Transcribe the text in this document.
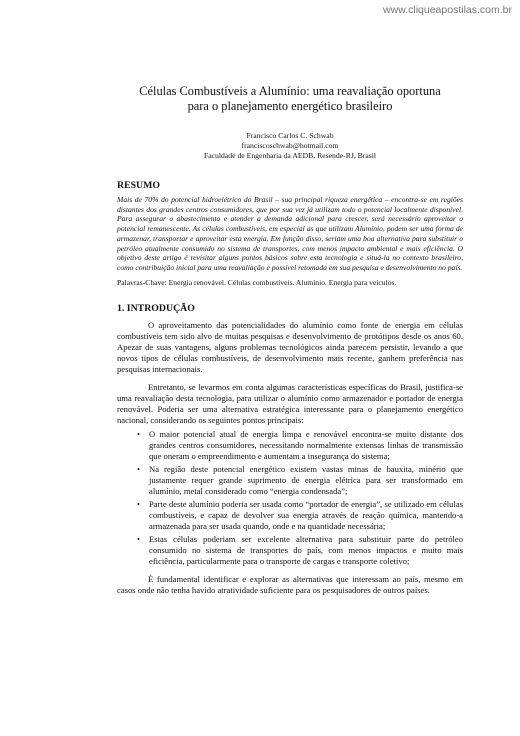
www.cliqueapostilas.com.br
Células Combustíveis a Alumínio: uma reavaliação oportuna
para o planejamento energético brasileiro
Francisco Carlos C. Schwab
franciscoschwab@hotmail.com
Faculdade de Engenharia da AEDB, Resende-RJ, Brasil
RESUMO
Mais de 70% do potencial hidroelétrico do Brasil – sua principal riqueza energética – encontra-se em regiões distantes dos grandes centros consumidores, que por sua vez já utilizam todo o potencial localmente disponível. Para assegurar o abastecimento e atender a demanda adicional para crescer, será necessário aproveitar o potencial remanescente. As células combustíveis, em especial as que utilizam Alumínio, podem ser uma forma de armazenar, transportar e aproveitar esta energia. Em função disso, seriam uma boa alternativa para substituir o petróleo atualmente consumido no sistema de transportes, com menos impacto ambiental e mais eficiência. O objetivo deste artigo é revisitar alguns pontos básicos sobre esta tecnologia e situá-la no contexto brasileiro, como contribuição inicial para uma reavaliação e possível retomada em sua pesquisa e desenvolvimento no país.
Palavras-Chave: Energia renovável. Células combustíveis. Alumínio. Energia para veículos.
1. INTRODUÇÃO

O aproveitamento das potencialidades do alumínio como fonte de energia em células combustíveis tem sido alvo de muitas pesquisas e desenvolvimento de protótipos desde os anos 60. Apezar de suas vantagens, alguns problemas tecnológicos ainda parecem persistir, levando a que novos tipos de células combustíveis, de desenvolvimento mais recente, ganhem preferência nas pesquisas internacionais.

Entretanto, se levarmos em conta algumas características específicas do Brasil, justifica-se uma reavaliação desta tecnologia, para utilizar o alumínio como armazenador e portador de energia renovável. Poderia ser uma alternativa estratégica interessante para o planejamento energético nacional, considerando os seguintes pontos principais:

• O maior potencial atual de energia limpa e renovável encontra-se muito distante dos grandes centros consumidores, necessitando normalmente extensas linhas de transmissão que oneram o empreendimento e aumentam a insegurança do sistema;
• Na região deste potencial energético existem vastas minas de bauxita, minério que justamente requer grande suprimento de energia elétrica para ser transformado em alumínio, metal considerado como “energia condensada”;
• Parte deste alumínio poderia ser usada como “portador de energia”, se utilizado em células combustíveis, e capaz de devolver sua energia através de reação química, mantendo-a armazenada para ser usada quando, onde e na quantidade necessária;
• Estas células poderiam ser excelente alternativa para substituir parte do petróleo consumido no sistema de transportes do país, com menos impactos e muito mais eficiência, particularmente para o transporte de cargas e transporte coletivo;

É fundamental identificar e explorar as alternativas que interessam ao país, mesmo em casos onde não tenha havido atratividade suficiente para os pesquisadores de outros países.
